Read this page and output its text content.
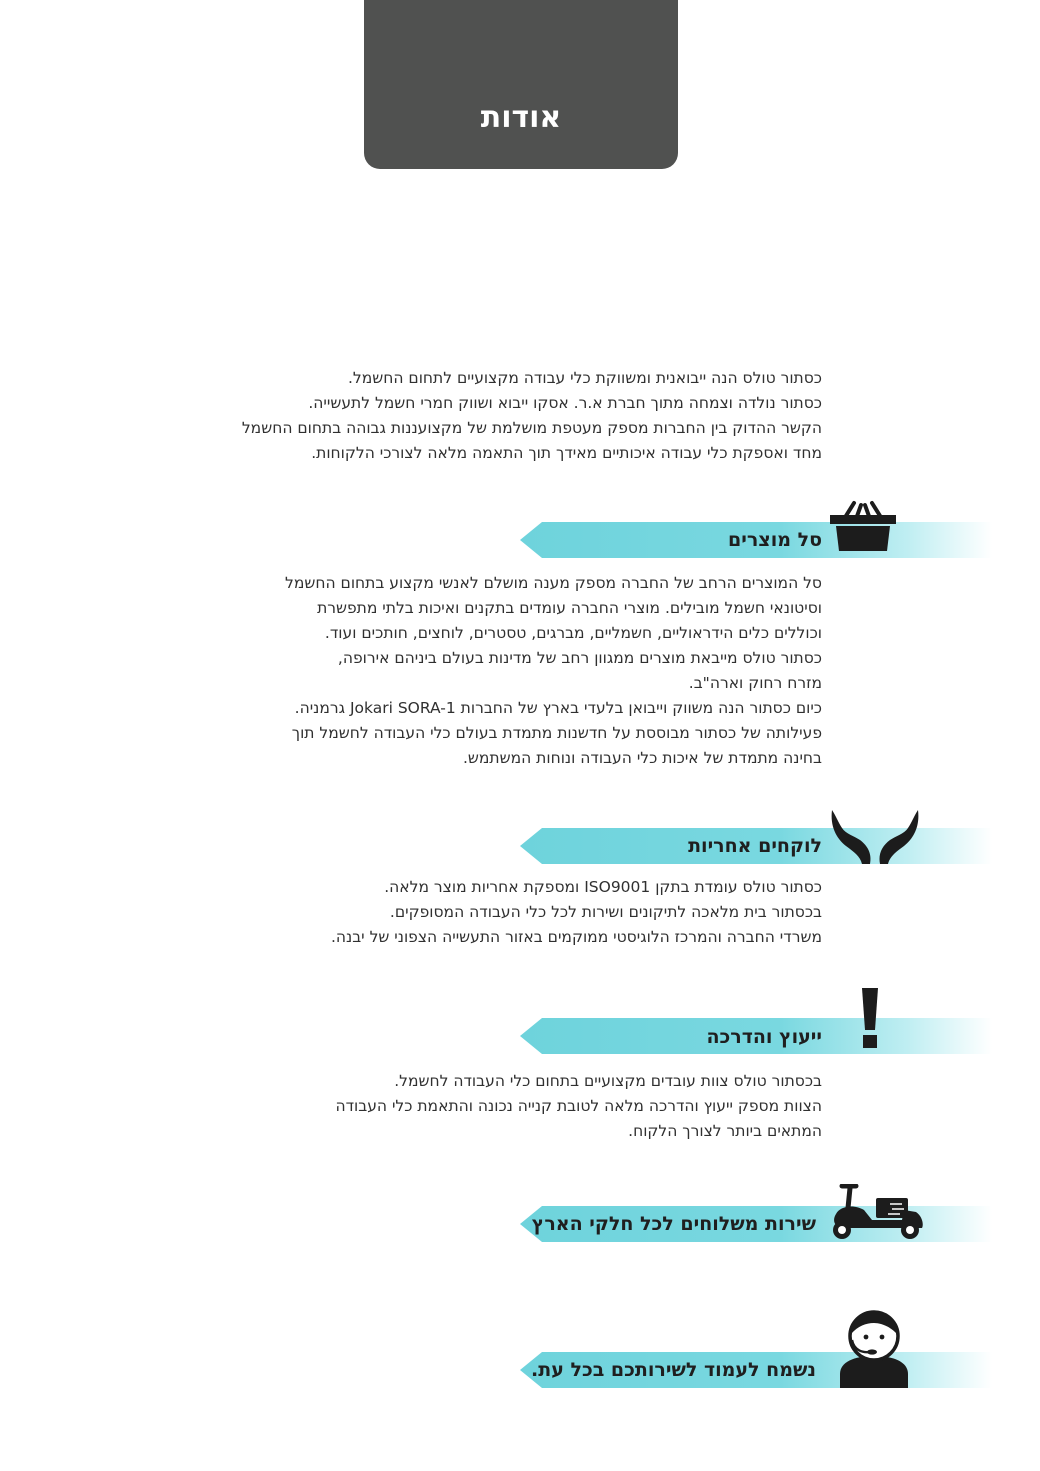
אודות
כסתור טולס הנה ייבואנית ומשווקת כלי עבודה מקצועיים לתחום החשמל.
כסתור נולדה וצמחה מתוך חברת א.ר. אסקו ייבוא ושווק חמרי חשמל לתעשייה.
הקשר ההדוק בין החברות מספק מעטפת מושלמת של מקצועננות גבוהה בתחום החשמל
מחד ואספקת כלי עבודה איכותיים מאידך תוך התאמה מלאה לצורכי הלקוחות.
סל מוצרים
סל המוצרים הרחב של החברה מספק מענה מושלם לאנשי מקצוע בתחום החשמל
וסיטונאי חשמל מובילים. מוצרי החברה עומדים בתקנים ואיכות בלתי מתפשרת
וכוללים כלים הידראוליים, חשמליים, מברגים, טסטרים, לוחצים, חותכים ועוד.
כסתור טולס מייבאת מוצרים ממגוון רחב של מדינות בעולם ביניהם אירופה,
מזרח רחוק וארה"ב.
כיום כסתור הנה משווק וייבואן בלעדי בארץ של החברות Jokari SORA-1 גרמניה.
פעילותה של כסתור מבוססת על חדשנות מתמדת בעולם כלי העבודה לחשמל תוך
בחינה מתמדת של איכות כלי העבודה ונוחות המשתמש.
לוקחים אחריות
כסתור טולס עומדת בתקן ISO9001 ומספקת אחריות מוצר מלאה.
בכסתור בית מלאכה לתיקונים ושירות לכל כלי העבודה המסופקים.
משרדי החברה והמרכז הלוגיסטי ממוקמים באזור התעשייה הצפוני של יבנה.
ייעוץ והדרכה
בכסתור טולס צוות עובדים מקצועיים בתחום כלי העבודה לחשמל.
הצוות מספק ייעוץ והדרכה מלאה לטובת קנייה נכונה והתאמת כלי העבודה
המתאים ביותר לצורך הלקוח.
שירות משלוחים לכל חלקי הארץ
נשמח לעמוד לשירותכם בכל עת.
